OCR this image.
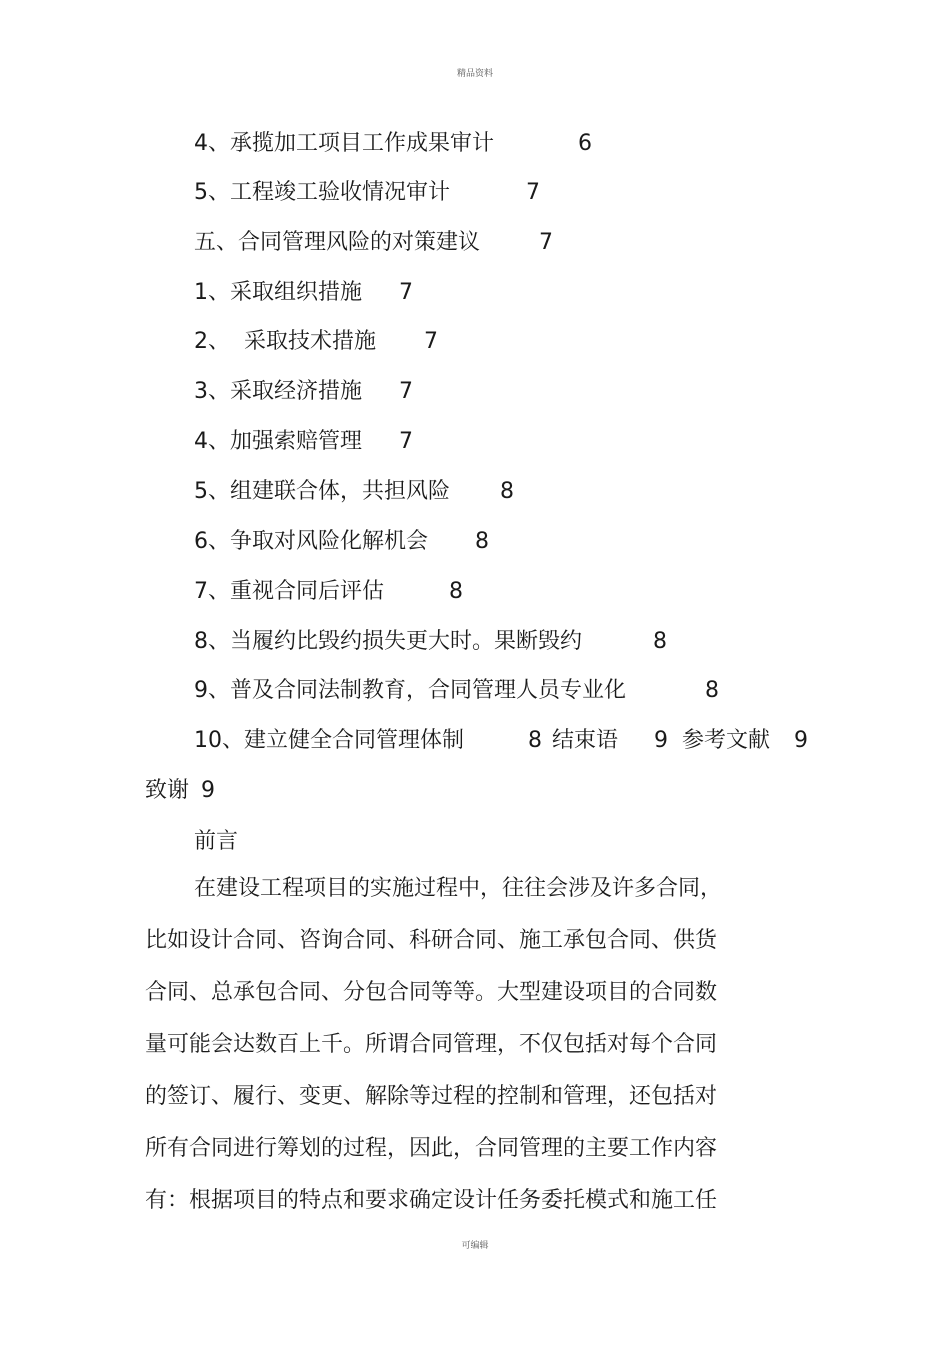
精品资料
4、承揽加工项目工作成果审计	6
5、工程竣工验收情况审计	7
五、合同管理风险的对策建议	7
1、采取组织措施 7
2、  采取技术措施 7
3、采取经济措施 7
4、加强索赔管理 7
5、组建联合体，共担风险 8
6、争取对风险化解机会 8
7、重视合同后评估	8
8、当履约比毁约损失更大时。果断毁约	8
9、普及合同法制教育，合同管理人员专业化	8
10、建立健全合同管理体制	8 结束语 9 参考文献 9
致谢 9
前言
在建设工程项目的实施过程中，往往会涉及许多合同，
比如设计合同、咨询合同、科研合同、施工承包合同、供货
合同、总承包合同、分包合同等等。大型建设项目的合同数
量可能会达数百上千。所谓合同管理，不仅包括对每个合同
的签订、履行、变更、解除等过程的控制和管理，还包括对
所有合同进行筹划的过程，因此，合同管理的主要工作内容
有：根据项目的特点和要求确定设计任务委托模式和施工任
可编辑
